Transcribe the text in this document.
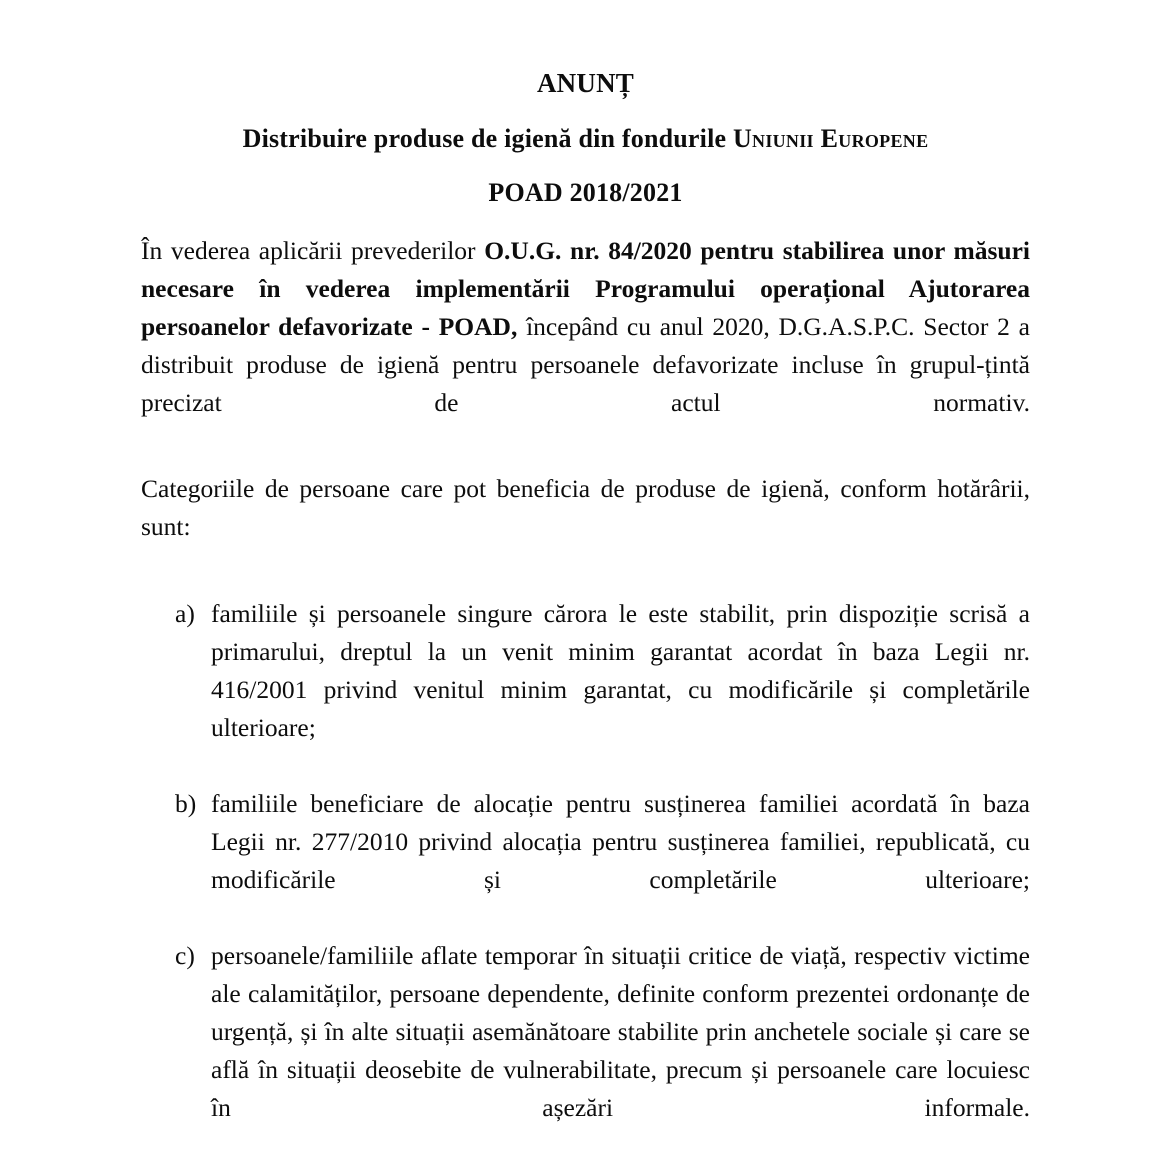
ANUNȚ
Distribuire produse de igienă din fondurile Uniunii Europene
POAD 2018/2021

În vederea aplicării prevederilor O.U.G. nr. 84/2020 pentru stabilirea unor măsuri necesare în vederea implementării Programului operațional Ajutorarea persoanelor defavorizate - POAD, începând cu anul 2020, D.G.A.S.P.C. Sector 2 a distribuit produse de igienă pentru persoanele defavorizate incluse în grupul-țintă precizat de actul normativ.

Categoriile de persoane care pot beneficia de produse de igienă, conform hotărârii, sunt:

a) familiile și persoanele singure cărora le este stabilit, prin dispoziție scrisă a primarului, dreptul la un venit minim garantat acordat în baza Legii nr. 416/2001 privind venitul minim garantat, cu modificările și completările ulterioare;
b) familiile beneficiare de alocație pentru susținerea familiei acordată în baza Legii nr. 277/2010 privind alocația pentru susținerea familiei, republicată, cu modificările și completările ulterioare;
c) persoanele/familiile aflate temporar în situații critice de viață, respectiv victime ale calamităților, persoane dependente, definite conform prezentei ordonanțe de urgență, și în alte situații asemănătoare stabilite prin anchetele sociale și care se află în situații deosebite de vulnerabilitate, precum și persoanele care locuiesc în așezări informale.
